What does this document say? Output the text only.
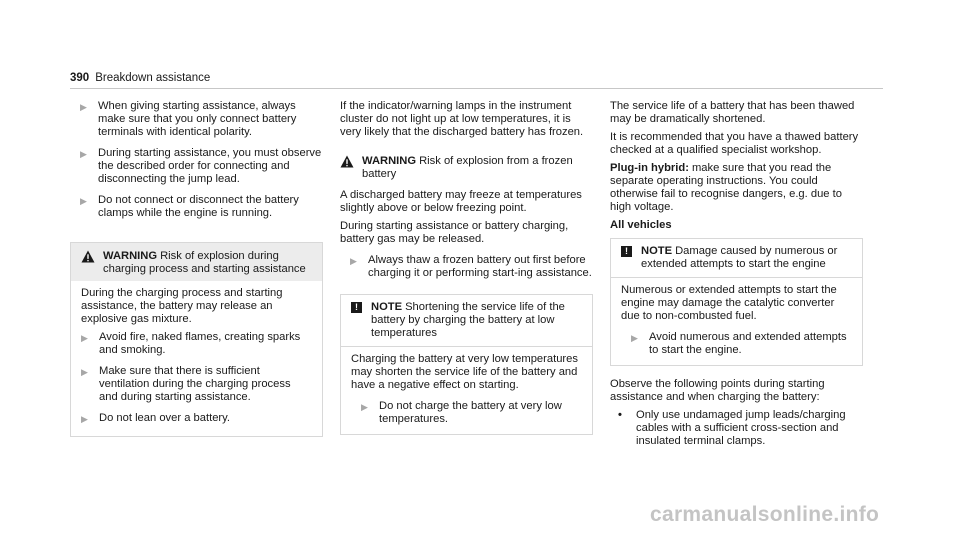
390 Breakdown assistance
▶ When giving starting assistance, always make sure that you only connect battery terminals with identical polarity.
▶ During starting assistance, you must observe the described order for connecting and disconnecting the jump lead.
▶ Do not connect or disconnect the battery clamps while the engine is running.
WARNING Risk of explosion during charging process and starting assistance

During the charging process and starting assistance, the battery may release an explosive gas mixture.

▶ Avoid fire, naked flames, creating sparks and smoking.
▶ Make sure that there is sufficient ventilation during the charging process and during starting assistance.
▶ Do not lean over a battery.

If the indicator/warning lamps in the instrument cluster do not light up at low temperatures, it is very likely that the discharged battery has frozen.

WARNING Risk of explosion from a frozen battery

A discharged battery may freeze at temperatures slightly above or below freezing point.

During starting assistance or battery charging, battery gas may be released.

▶ Always thaw a frozen battery out first before charging it or performing start-ing assistance.
!	NOTE Shortening the service life of the battery by charging the battery at low temperatures

Charging the battery at very low temperatures may shorten the service life of the battery and have a negative effect on starting.

▶ Do not charge the battery at very low temperatures.

The service life of a battery that has been thawed may be dramatically shortened.

It is recommended that you have a thawed battery checked at a qualified specialist workshop.

Plug-in hybrid: make sure that you read the separate operating instructions. You could otherwise fail to recognise dangers, e.g. due to high voltage.

All vehicles

!	NOTE Damage caused by numerous or extended attempts to start the engine

Numerous or extended attempts to start the engine may damage the catalytic converter due to non-combusted fuel.

▶ Avoid numerous and extended attempts to start the engine.

Observe the following points during starting assistance and when charging the battery:

•	Only use undamaged jump leads/charging cables with a sufficient cross-section and insulated terminal clamps.
carmanualsonline.info
